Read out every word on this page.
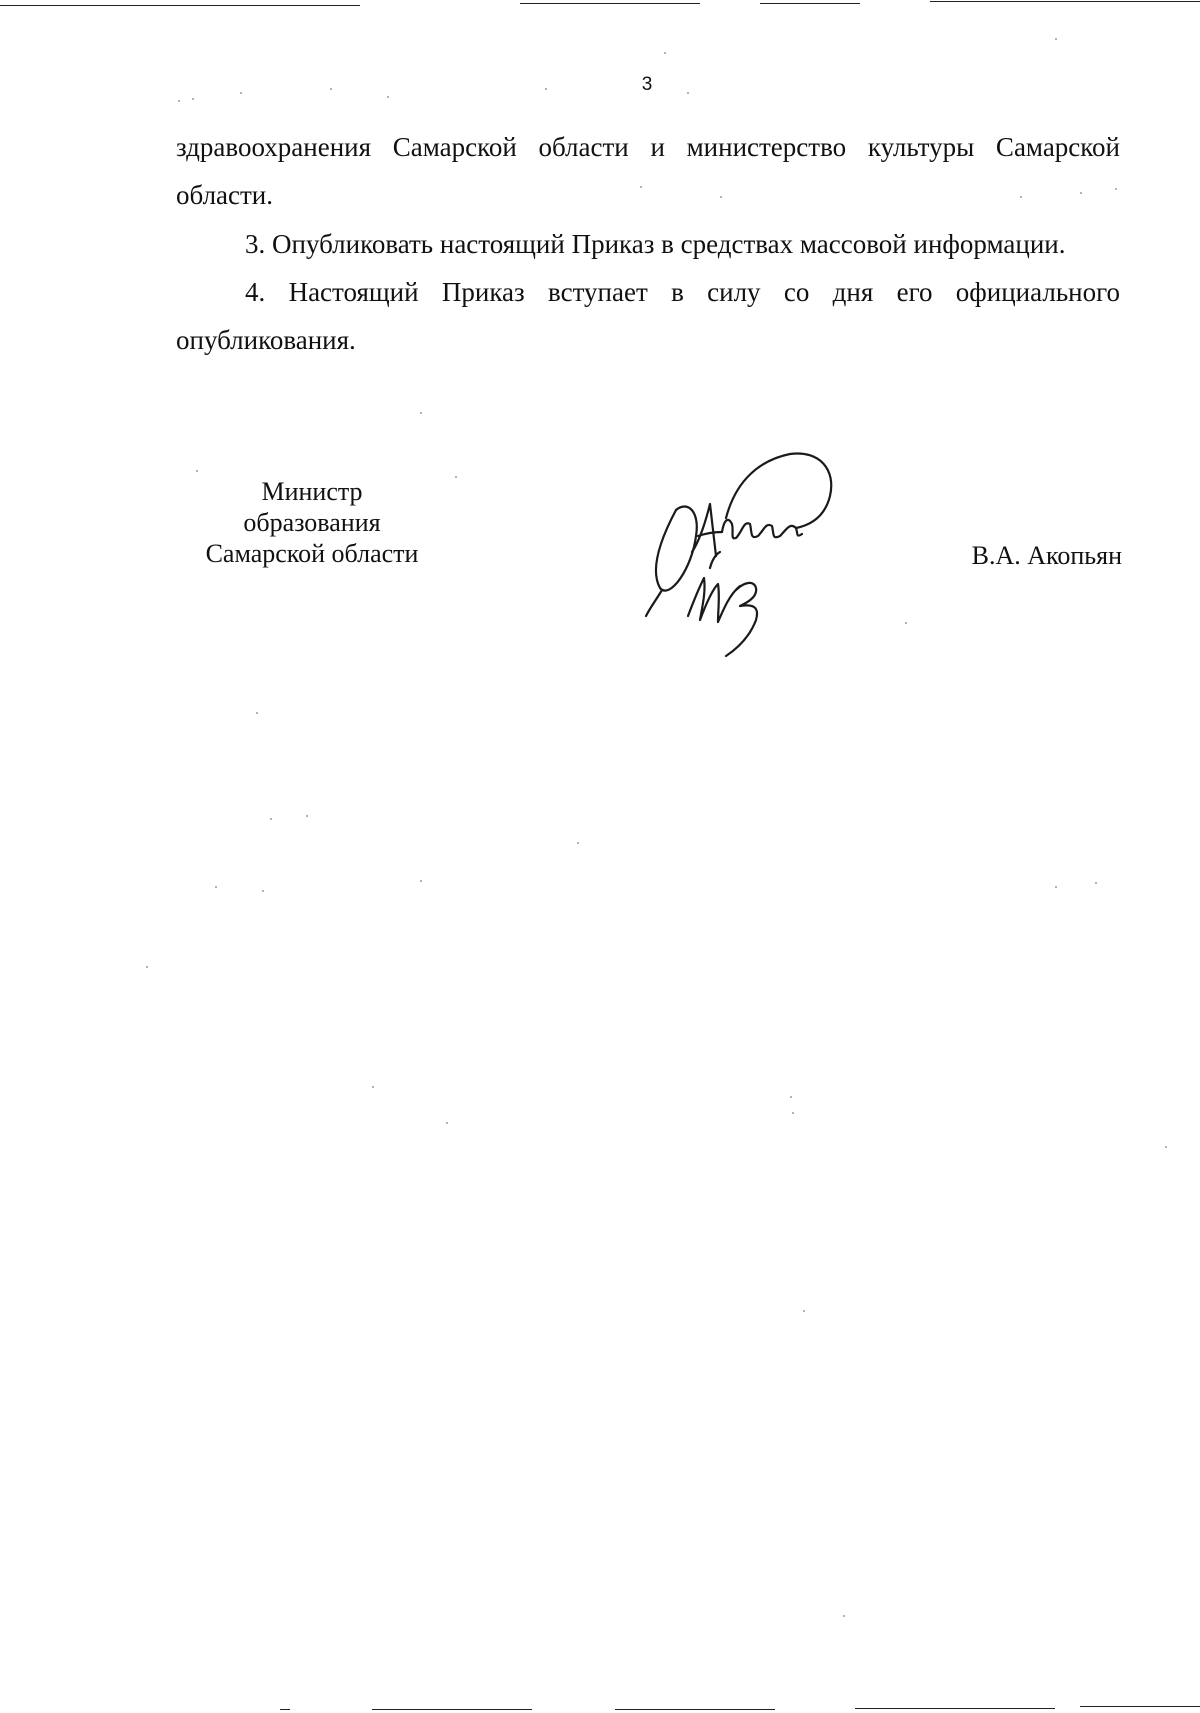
3

здравоохранения Самарской области и министерство культуры Самарской области.

3. Опубликовать настоящий Приказ в средствах массовой информации.

4. Настоящий Приказ вступает в силу со дня его официального опубликования.

Министр
образования
Самарской области	В.А. Акопьян
